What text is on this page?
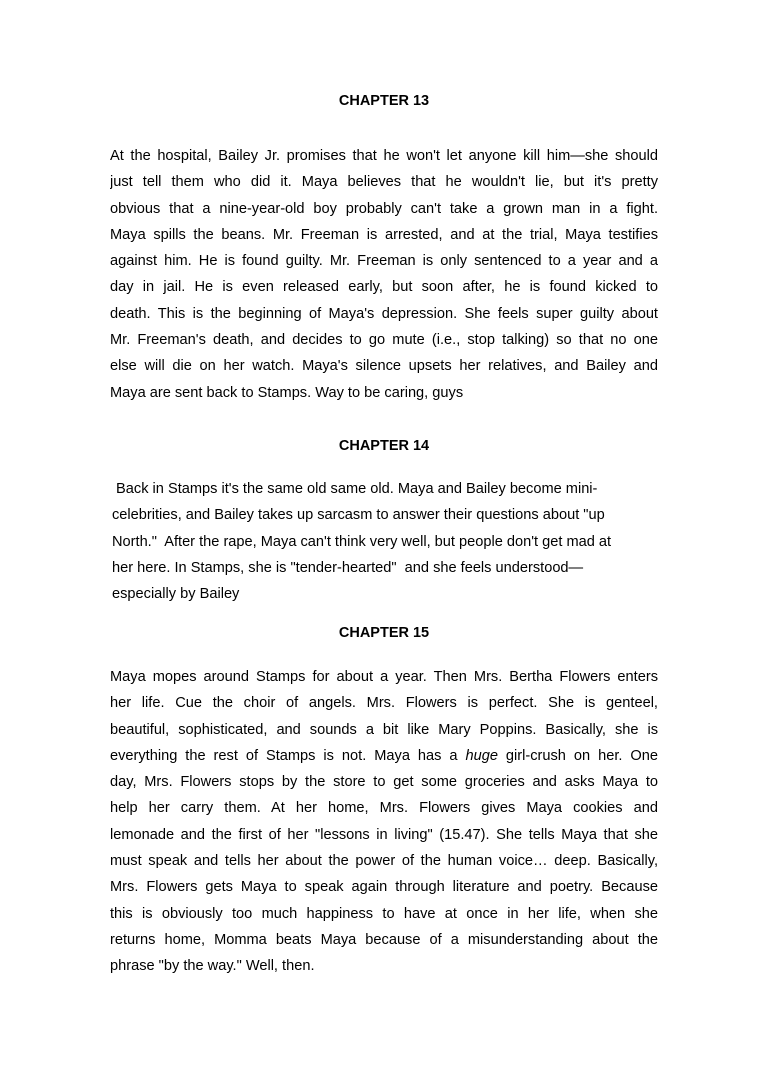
CHAPTER 13
At the hospital, Bailey Jr. promises that he won't let anyone kill him—she should
just tell them who did it. Maya believes that he wouldn't lie, but it's pretty
obvious that a nine-year-old boy probably can't take a grown man in a fight.
Maya spills the beans. Mr. Freeman is arrested, and at the trial, Maya testifies
against him. He is found guilty. Mr. Freeman is only sentenced to a year and a
day in jail. He is even released early, but soon after, he is found kicked to
death. This is the beginning of Maya's depression. She feels super guilty about
Mr. Freeman's death, and decides to go mute (i.e., stop talking) so that no one
else will die on her watch. Maya's silence upsets her relatives, and Bailey and
Maya are sent back to Stamps. Way to be caring, guys
CHAPTER 14
Back in Stamps it's the same old same old. Maya and Bailey become mini-
celebrities, and Bailey takes up sarcasm to answer their questions about "up
North."  After the rape, Maya can't think very well, but people don't get mad at
her here. In Stamps, she is "tender-hearted"  and she feels understood—
especially by Bailey
CHAPTER 15
Maya mopes around Stamps for about a year. Then Mrs. Bertha Flowers enters
her life. Cue the choir of angels. Mrs. Flowers is perfect. She is genteel,
beautiful, sophisticated, and sounds a bit like Mary Poppins. Basically, she is
everything the rest of Stamps is not. Maya has a huge girl-crush on her. One
day, Mrs. Flowers stops by the store to get some groceries and asks Maya to
help her carry them. At her home, Mrs. Flowers gives Maya cookies and
lemonade and the first of her "lessons in living" (15.47). She tells Maya that she
must speak and tells her about the power of the human voice… deep. Basically,
Mrs. Flowers gets Maya to speak again through literature and poetry. Because
this is obviously too much happiness to have at once in her life, when she
returns home, Momma beats Maya because of a misunderstanding about the
phrase "by the way." Well, then.
